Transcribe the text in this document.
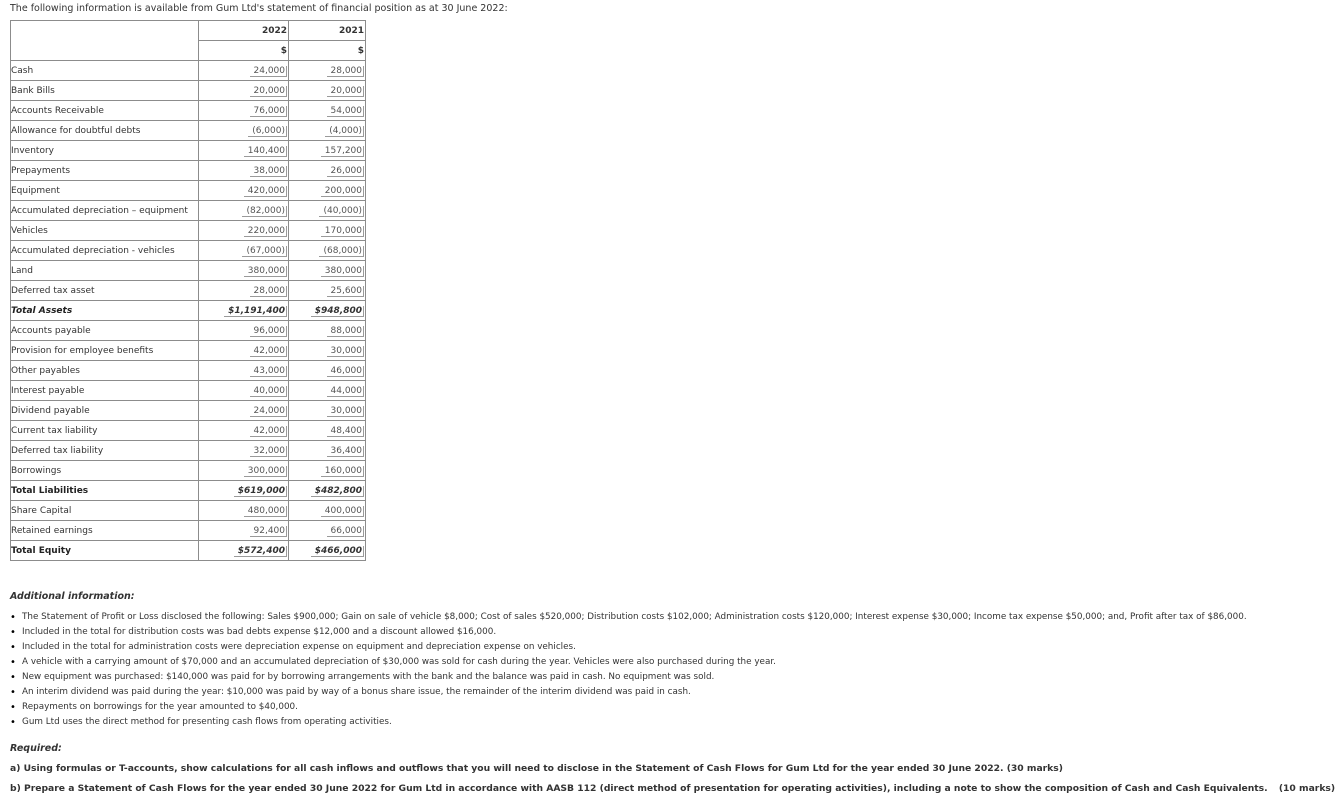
The following information is available from Gum Ltd's statement of financial position as at 30 June 2022:
	2022	2021
	$	$
Cash	24,000	28,000
Bank Bills	20,000	20,000
Accounts Receivable	76,000	54,000
Allowance for doubtful debts	(6,000)	(4,000)
Inventory	140,400	157,200
Prepayments	38,000	26,000
Equipment	420,000	200,000
Accumulated depreciation – equipment	(82,000)	(40,000)
Vehicles	220,000	170,000
Accumulated depreciation - vehicles	(67,000)	(68,000)
Land	380,000	380,000
Deferred tax asset	28,000	25,600
Total Assets	$1,191,400	$948,800
Accounts payable	96,000	88,000
Provision for employee benefits	42,000	30,000
Other payables	43,000	46,000
Interest payable	40,000	44,000
Dividend payable	24,000	30,000
Current tax liability	42,000	48,400
Deferred tax liability	32,000	36,400
Borrowings	300,000	160,000
Total Liabilities	$619,000	$482,800
Share Capital	480,000	400,000
Retained earnings	92,400	66,000
Total Equity	$572,400	$466,000
Additional information:
• The Statement of Profit or Loss disclosed the following: Sales $900,000; Gain on sale of vehicle $8,000; Cost of sales $520,000; Distribution costs $102,000; Administration costs $120,000; Interest expense $30,000; Income tax expense $50,000; and, Profit after tax of $86,000.
• Included in the total for distribution costs was bad debts expense $12,000 and a discount allowed $16,000.
• Included in the total for administration costs were depreciation expense on equipment and depreciation expense on vehicles.
• A vehicle with a carrying amount of $70,000 and an accumulated depreciation of $30,000 was sold for cash during the year. Vehicles were also purchased during the year.
• New equipment was purchased: $140,000 was paid for by borrowing arrangements with the bank and the balance was paid in cash. No equipment was sold.
• An interim dividend was paid during the year: $10,000 was paid by way of a bonus share issue, the remainder of the interim dividend was paid in cash.
• Repayments on borrowings for the year amounted to $40,000.
• Gum Ltd uses the direct method for presenting cash flows from operating activities.
Required:
a) Using formulas or T-accounts, show calculations for all cash inflows and outflows that you will need to disclose in the Statement of Cash Flows for Gum Ltd for the year ended 30 June 2022. (30 marks)
b) Prepare a Statement of Cash Flows for the year ended 30 June 2022 for Gum Ltd in accordance with AASB 112 (direct method of presentation for operating activities), including a note to show the composition of Cash and Cash Equivalents. (10 marks)
